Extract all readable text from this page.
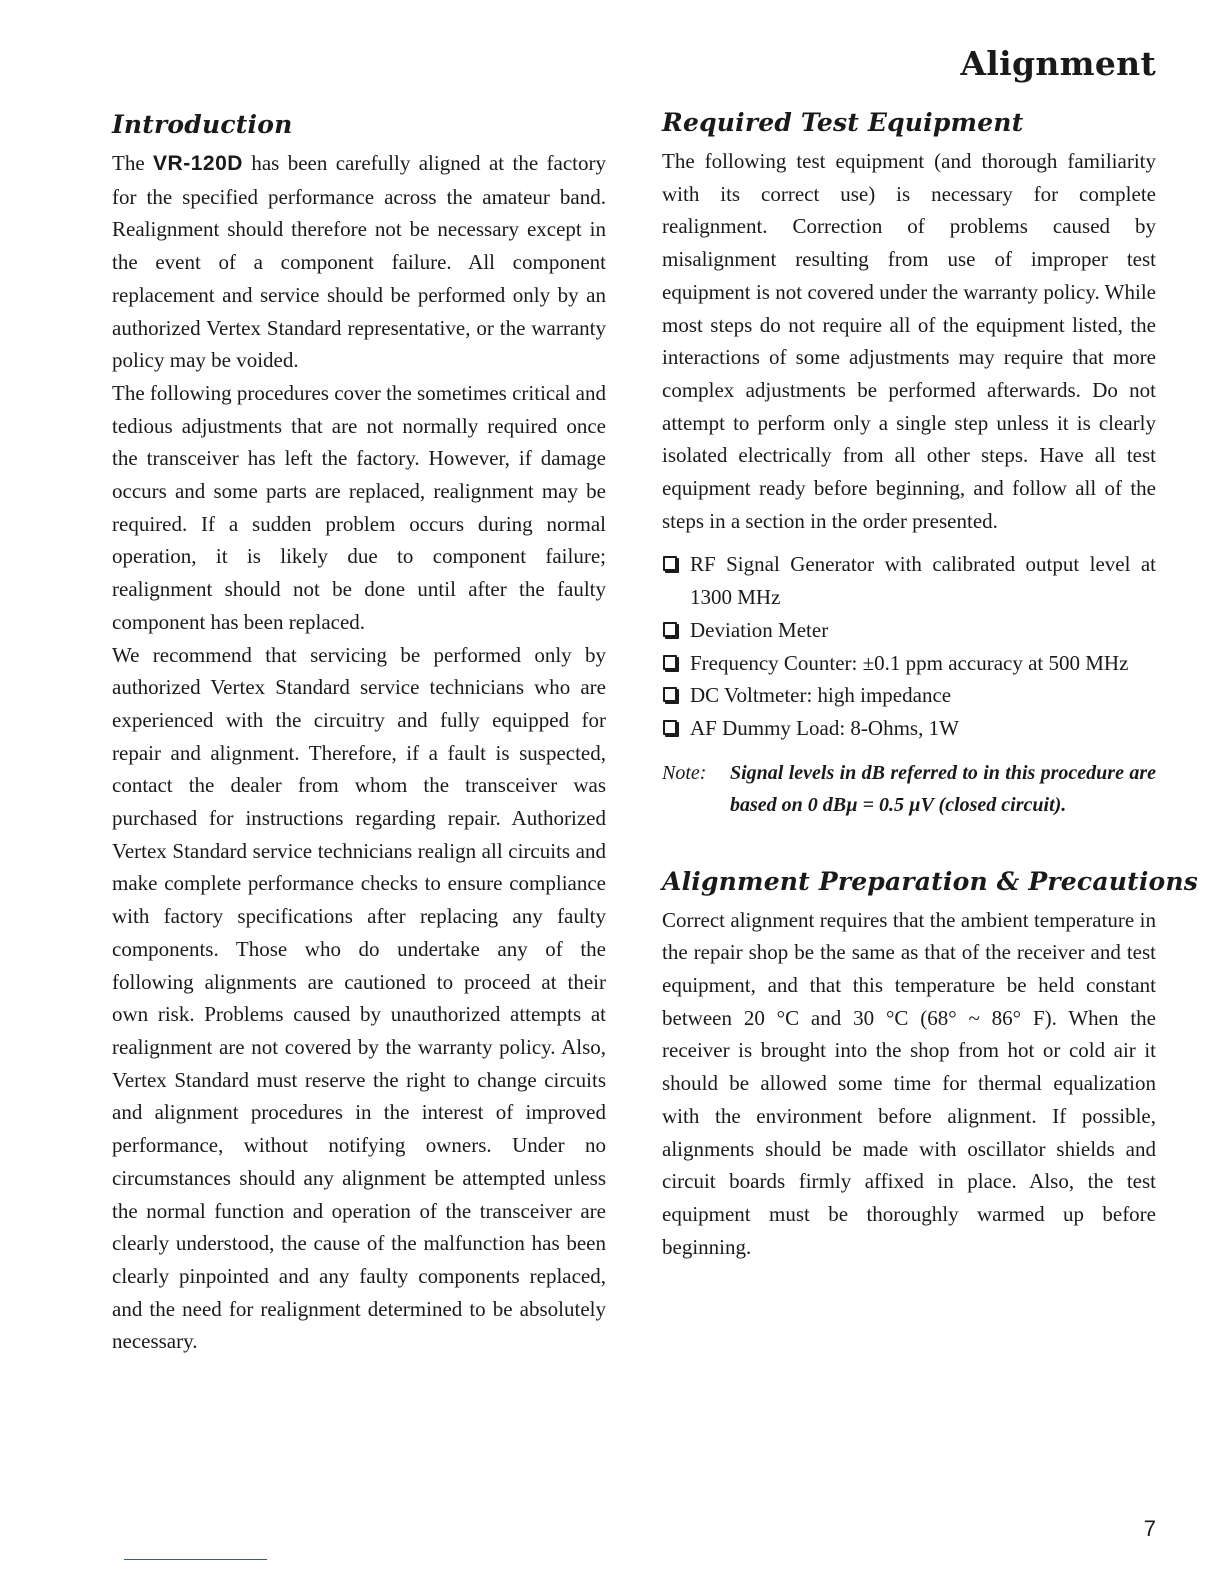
Alignment
Introduction

The VR-120D has been carefully aligned at the factory for the specified performance across the amateur band. Realignment should therefore not be necessary except in the event of a component failure. All component replacement and service should be performed only by an authorized Vertex Standard representative, or the warranty policy may be voided.

The following procedures cover the sometimes critical and tedious adjustments that are not normally required once the transceiver has left the factory. However, if damage occurs and some parts are replaced, realignment may be required. If a sudden problem occurs during normal operation, it is likely due to component failure; realignment should not be done until after the faulty component has been replaced.

We recommend that servicing be performed only by authorized Vertex Standard service technicians who are experienced with the circuitry and fully equipped for repair and alignment. Therefore, if a fault is suspected, contact the dealer from whom the transceiver was purchased for instructions regarding repair. Authorized Vertex Standard service technicians realign all circuits and make complete performance checks to ensure compliance with factory specifications after replacing any faulty components. Those who do undertake any of the following alignments are cautioned to proceed at their own risk. Problems caused by unauthorized attempts at realignment are not covered by the warranty policy. Also, Vertex Standard must reserve the right to change circuits and alignment procedures in the interest of improved performance, without notifying owners. Under no circumstances should any alignment be attempted unless the normal function and operation of the transceiver are clearly understood, the cause of the malfunction has been clearly pinpointed and any faulty components replaced, and the need for realignment determined to be absolutely necessary.

Required Test Equipment

The following test equipment (and thorough familiarity with its correct use) is necessary for complete realignment. Correction of problems caused by misalignment resulting from use of improper test equipment is not covered under the warranty policy. While most steps do not require all of the equipment listed, the interactions of some adjustments may require that more complex adjustments be performed afterwards. Do not attempt to perform only a single step unless it is clearly isolated electrically from all other steps. Have all test equipment ready before beginning, and follow all of the steps in a section in the order presented.

RF Signal Generator with calibrated output level at 1300 MHz
Deviation Meter
Frequency Counter: ±0.1 ppm accuracy at 500 MHz
DC Voltmeter: high impedance
AF Dummy Load: 8-Ohms, 1W
Note: Signal levels in dB referred to in this procedure are based on 0 dBµ = 0.5 µV (closed circuit).
Alignment Preparation & Precautions

Correct alignment requires that the ambient temperature in the repair shop be the same as that of the receiver and test equipment, and that this temperature be held constant between 20 °C and 30 °C (68° ~ 86° F). When the receiver is brought into the shop from hot or cold air it should be allowed some time for thermal equalization with the environment before alignment. If possible, alignments should be made with oscillator shields and circuit boards firmly affixed in place. Also, the test equipment must be thoroughly warmed up before beginning.

7
